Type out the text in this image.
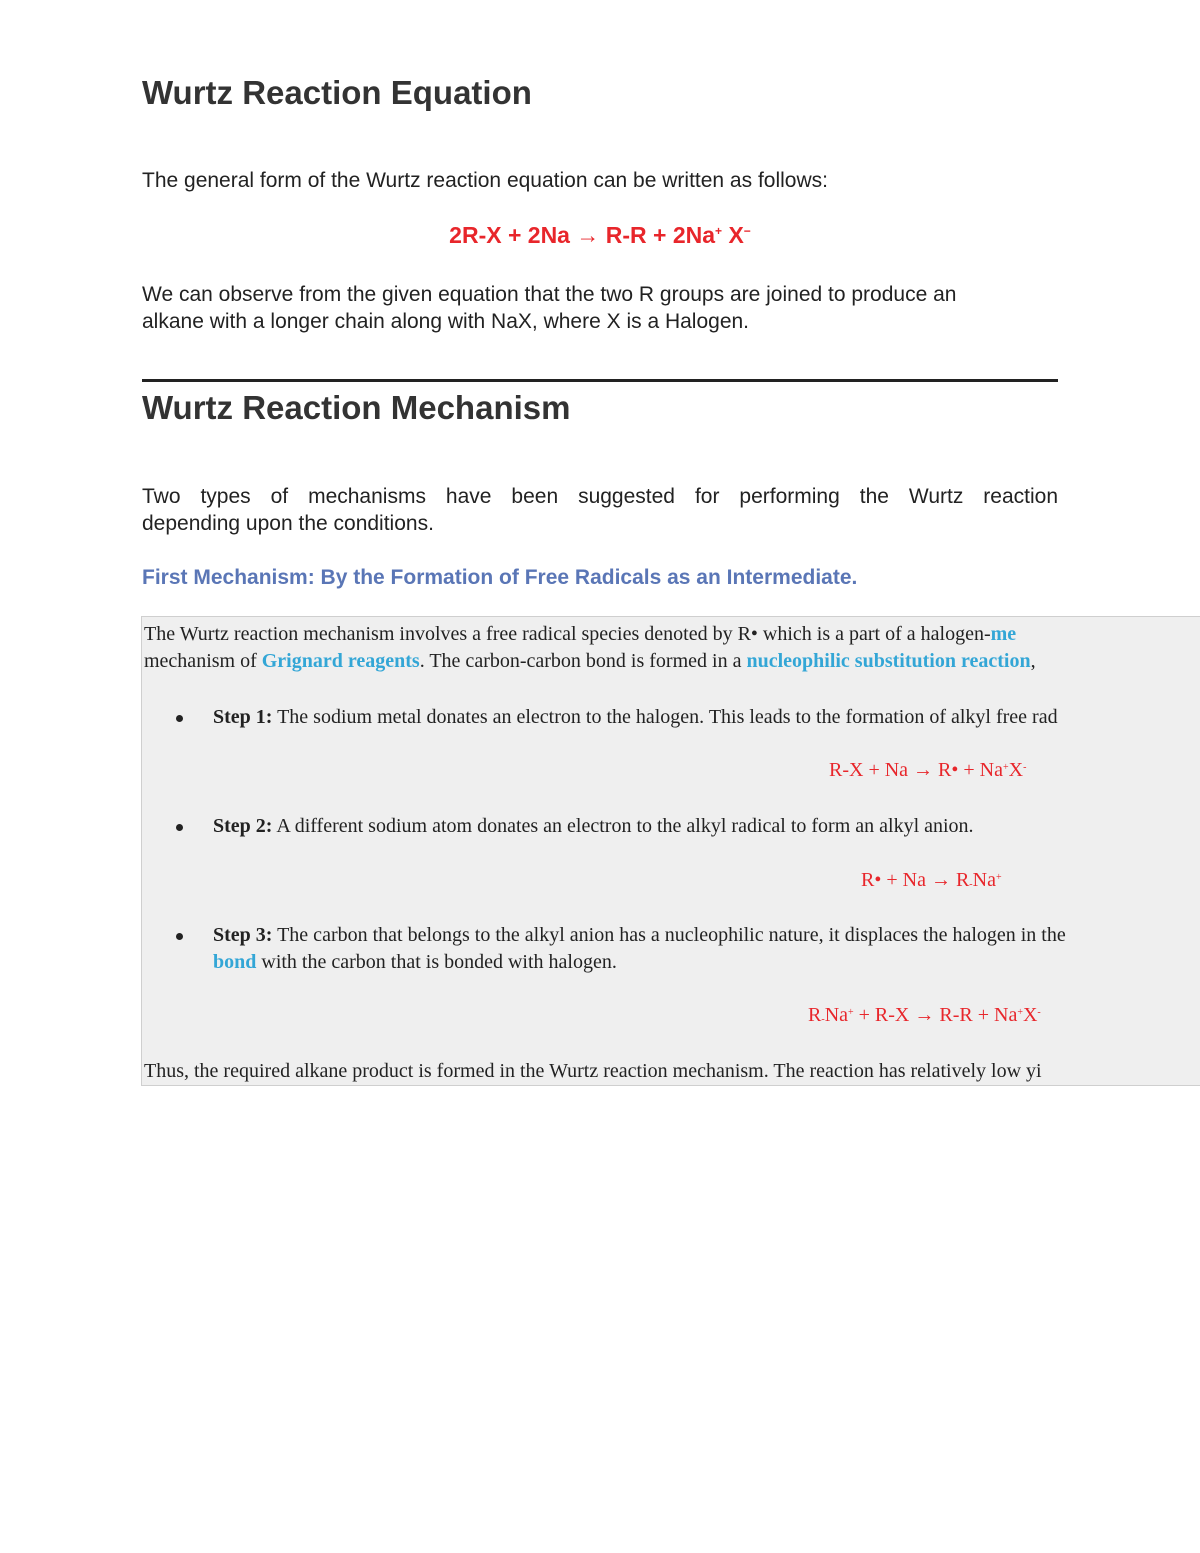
Wurtz Reaction Equation
The general form of the Wurtz reaction equation can be written as follows:
2R-X + 2Na → R-R + 2Na+ X−
We can observe from the given equation that the two R groups are joined to produce an
alkane with a longer chain along with NaX, where X is a Halogen.
Wurtz Reaction Mechanism
Two types of mechanisms have been suggested for performing the Wurtz reaction
depending upon the conditions.
First Mechanism: By the Formation of Free Radicals as an Intermediate.
The Wurtz reaction mechanism involves a free radical species denoted by R• which is a part of a halogen-me
mechanism of Grignard reagents. The carbon-carbon bond is formed in a nucleophilic substitution reaction,
Step 1: The sodium metal donates an electron to the halogen. This leads to the formation of alkyl free rad
R-X + Na → R• + Na+X-
Step 2: A different sodium atom donates an electron to the alkyl radical to form an alkyl anion.
R• + $Na \to R_-Na^+$
Step 3: The carbon that belongs to the alkyl anion has a nucleophilic nature, it displaces the halogen in the
bond with the carbon that is bonded with halogen.
$R_-Na^+ + R-X \to R-R + Na^+X^-$
Thus, the required alkane product is formed in the Wurtz reaction mechanism. The reaction has relatively low yi
